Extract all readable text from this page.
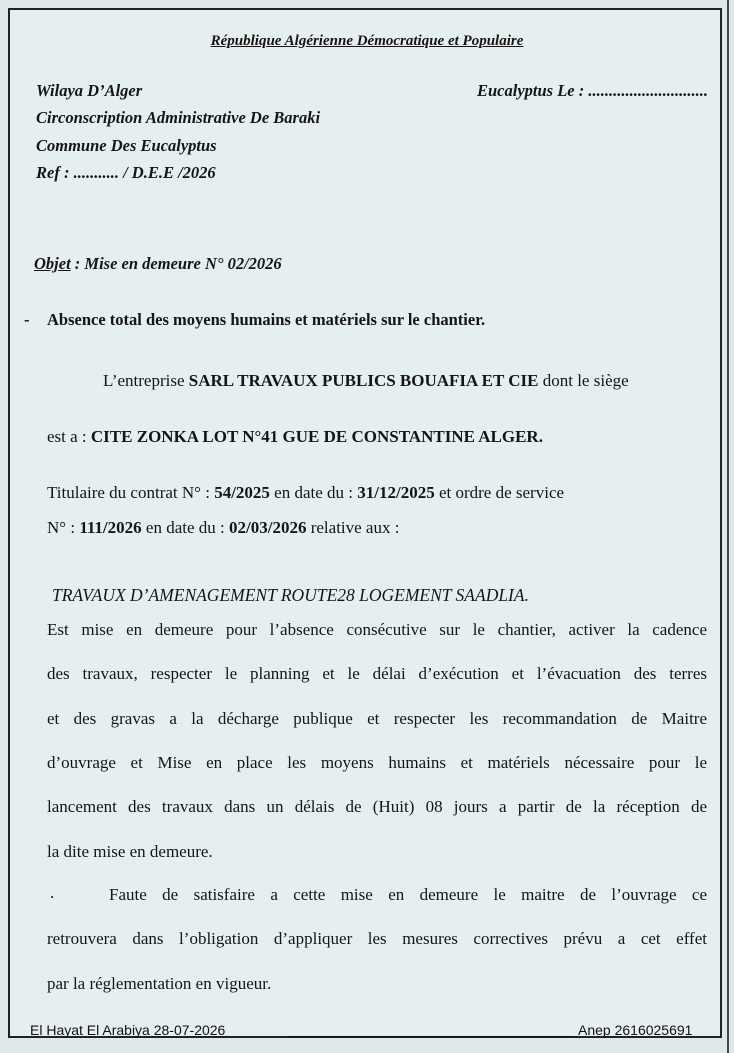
République Algérienne Démocratique et Populaire
Wilaya D’Alger
Circonscription Administrative De Baraki
Commune Des Eucalyptus
Ref : ........... / D.E.E /2026
Eucalyptus Le : .............................
Objet : Mise en demeure N° 02/2026
- Absence total des moyens humains et matériels sur le chantier.
L’entreprise SARL TRAVAUX PUBLICS BOUAFIA ET CIE dont le siège
est a : CITE ZONKA LOT N°41 GUE DE CONSTANTINE ALGER.
Titulaire du contrat N° : 54/2025 en date du : 31/12/2025 et ordre de service
N° : 111/2026 en date du : 02/03/2026 relative aux :
TRAVAUX D’AMENAGEMENT ROUTE28 LOGEMENT SAADLIA.
Est mise en demeure pour l’absence consécutive sur le chantier, activer la cadence
des travaux, respecter le planning et le délai d’exécution et l’évacuation des terres
et des gravas a la décharge publique et respecter les recommandation de Maitre
d’ouvrage et Mise en place les moyens humains et matériels nécessaire pour le
lancement des travaux dans un délais de (Huit) 08 jours a partir de la réception de
la dite mise en demeure.
.	Faute de satisfaire a cette mise en demeure le maitre de l’ouvrage ce
retrouvera dans l’obligation d’appliquer les mesures correctives prévu a cet effet
par la réglementation en vigueur.
El Hayat El Arabiya 28-07-2026	Anep 2616025691
